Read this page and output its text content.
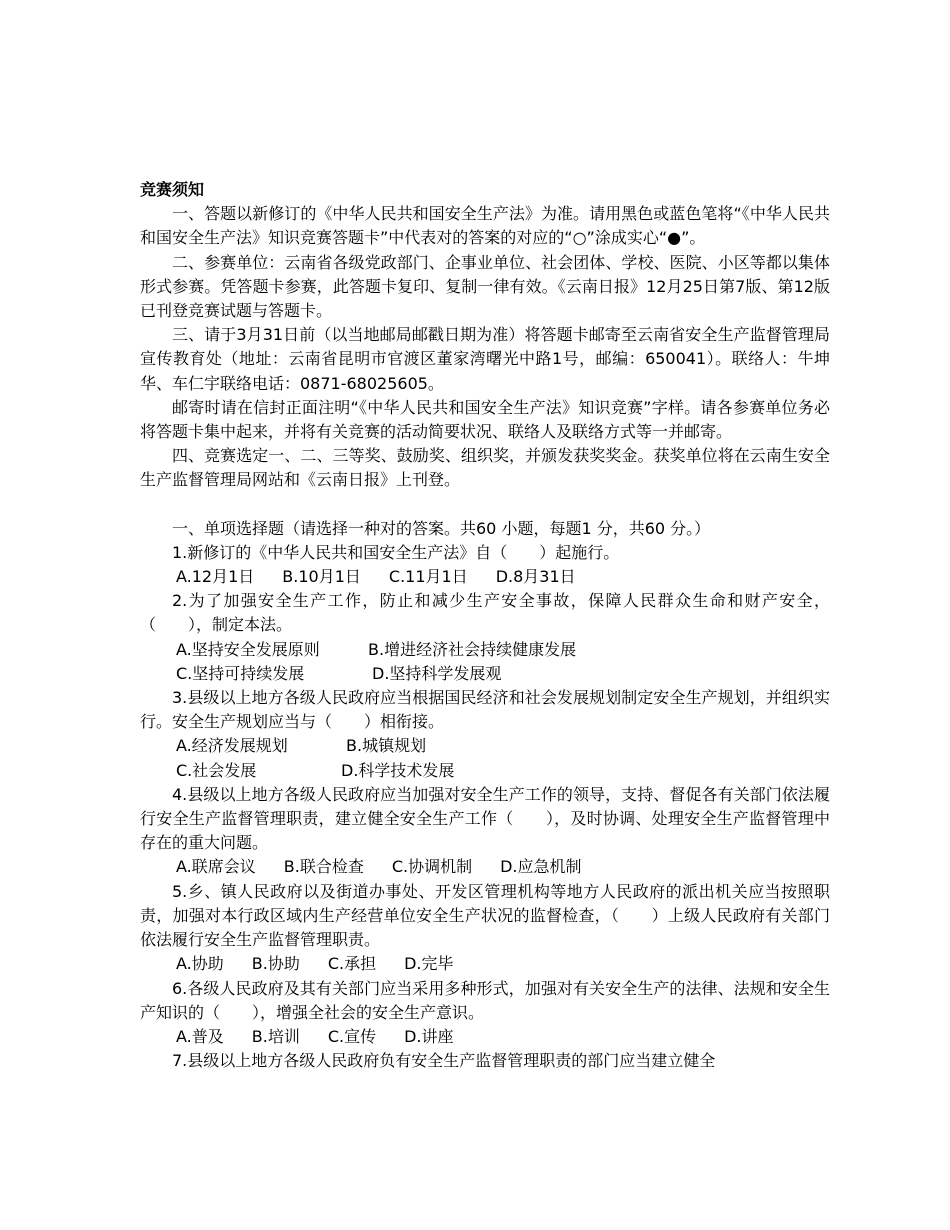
竞赛须知

一、答题以新修订的《中华人民共和国安全生产法》为准。请用黑色或蓝色笔将“《中华人民共和国安全生产法》知识竞赛答题卡”中代表对的答案的对应的“○”涂成实心“●”。

二、参赛单位：云南省各级党政部门、企事业单位、社会团体、学校、医院、小区等都以集体形式参赛。凭答题卡参赛，此答题卡复印、复制一律有效。《云南日报》12月25日第7版、第12版已刊登竞赛试题与答题卡。

三、请于3月31日前（以当地邮局邮戳日期为准）将答题卡邮寄至云南省安全生产监督管理局宣传教育处（地址：云南省昆明市官渡区董家湾曙光中路1号，邮编：650041）。联络人：牛坤华、车仁宇联络电话：0871-68025605。

邮寄时请在信封正面注明“《中华人民共和国安全生产法》知识竞赛”字样。请各参赛单位务必将答题卡集中起来，并将有关竞赛的活动简要状况、联络人及联络方式等一并邮寄。

四、竞赛选定一、二、三等奖、鼓励奖、组织奖，并颁发获奖奖金。获奖单位将在云南生安全生产监督管理局网站和《云南日报》上刊登。

一、单项选择题（请选择一种对的答案。共60 小题，每题1 分，共60 分。）

1.新修订的《中华人民共和国安全生产法》自（　　）起施行。

A.12月1日 B.10月1日 C.11月1日 D.8月31日

2.为了加强安全生产工作，防止和减少生产安全事故，保障人民群众生命和财产安全，（　　），制定本法。

A.坚持安全发展原则	B.增进经济社会持续健康发展
C.坚持可持续发展	D.坚持科学发展观

3.县级以上地方各级人民政府应当根据国民经济和社会发展规划制定安全生产规划，并组织实行。安全生产规划应当与（　　）相衔接。

A.经济发展规划	B.城镇规划
C.社会发展	D.科学技术发展

4.县级以上地方各级人民政府应当加强对安全生产工作的领导，支持、督促各有关部门依法履行安全生产监督管理职责，建立健全安全生产工作（　　），及时协调、处理安全生产监督管理中存在的重大问题。

A.联席会议 B.联合检查 C.协调机制 D.应急机制

5.乡、镇人民政府以及街道办事处、开发区管理机构等地方人民政府的派出机关应当按照职责，加强对本行政区域内生产经营单位安全生产状况的监督检查，（　　）上级人民政府有关部门依法履行安全生产监督管理职责。

A.协助 B.协助 C.承担 D.完毕

6.各级人民政府及其有关部门应当采用多种形式，加强对有关安全生产的法律、法规和安全生产知识的（　　），增强全社会的安全生产意识。

A.普及 B.培训 C.宣传 D.讲座

7.县级以上地方各级人民政府负有安全生产监督管理职责的部门应当建立健全
